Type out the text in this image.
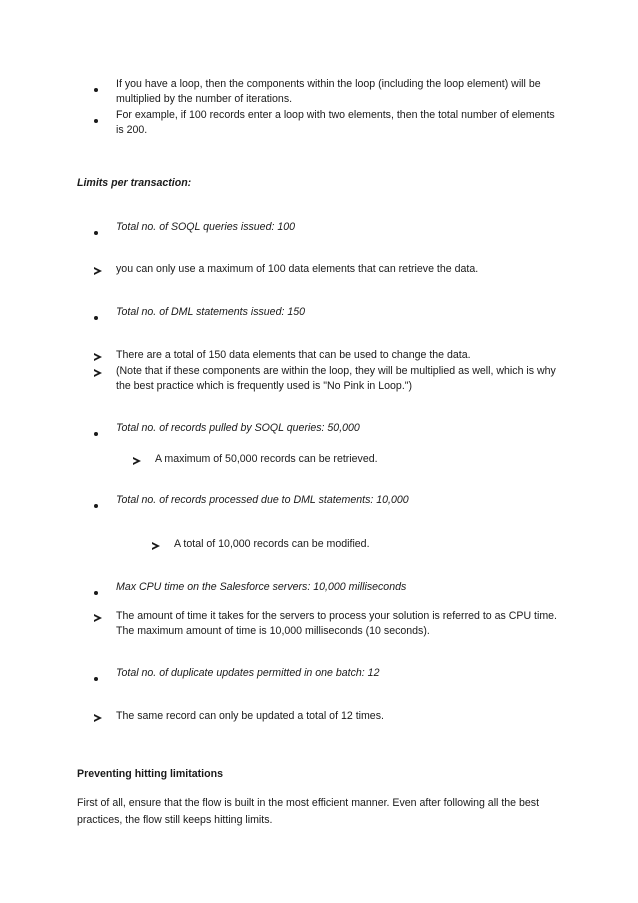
If you have a loop, then the components within the loop (including the loop element) will be multiplied by the number of iterations.
For example, if 100 records enter a loop with two elements, then the total number of elements is 200.
Limits per transaction:
Total no. of SOQL queries issued: 100
you can only use a maximum of 100 data elements that can retrieve the data.
Total no. of DML statements issued: 150
There are a total of 150 data elements that can be used to change the data.
(Note that if these components are within the loop, they will be multiplied as well, which is why the best practice which is frequently used is "No Pink in Loop.")
Total no. of records pulled by SOQL queries: 50,000
A maximum of 50,000 records can be retrieved.
Total no. of records processed due to DML statements: 10,000
A total of 10,000 records can be modified.
Max CPU time on the Salesforce servers: 10,000 milliseconds
The amount of time it takes for the servers to process your solution is referred to as CPU time. The maximum amount of time is 10,000 milliseconds (10 seconds).
Total no. of duplicate updates permitted in one batch: 12
The same record can only be updated a total of 12 times.
Preventing hitting limitations
First of all, ensure that the flow is built in the most efficient manner. Even after following all the best practices, the flow still keeps hitting limits.
